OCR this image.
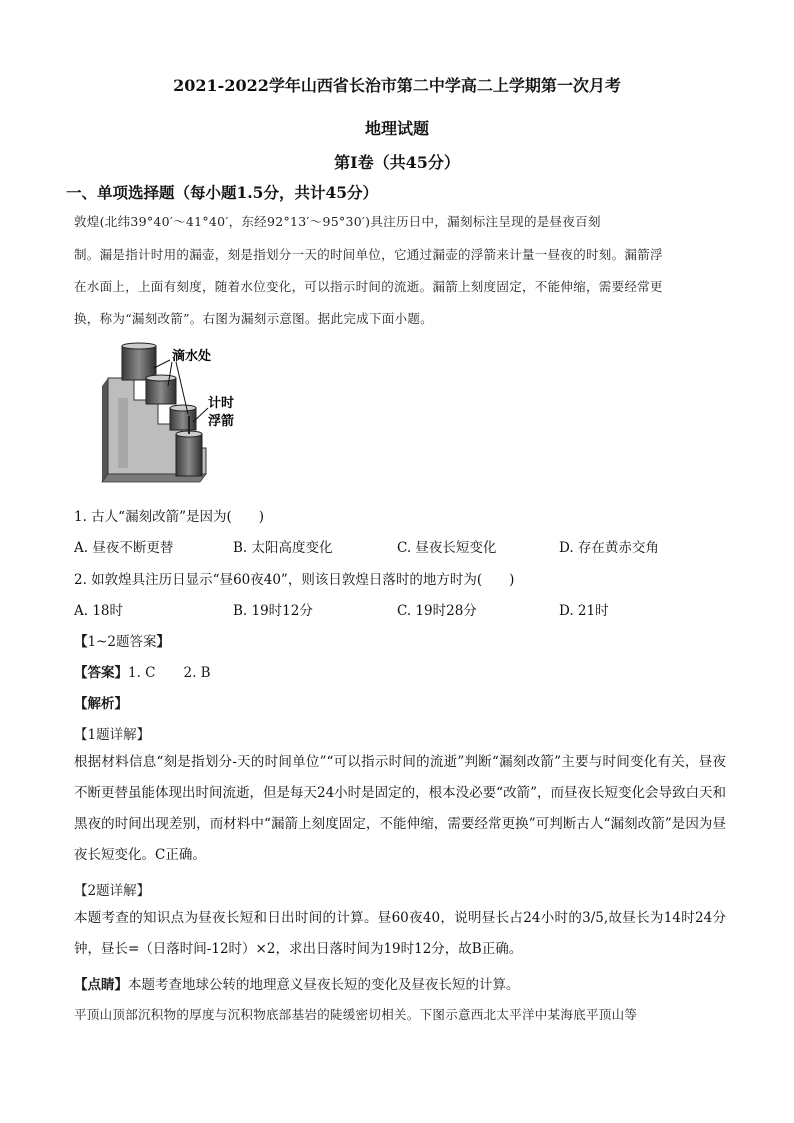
2021-2022学年山西省长治市第二中学高二上学期第一次月考
地理试题
第Ⅰ卷（共45分）
一、单项选择题（每小题1.5分，共计45分）
敦煌(北纬39°40′～41°40′，东经92°13′～95°30′)具注历日中，漏刻标注呈现的是昼夜百刻
制。漏是指计时用的漏壶，刻是指划分一天的时间单位，它通过漏壶的浮箭来计量一昼夜的时刻。漏箭浮
在水面上，上面有刻度，随着水位变化，可以指示时间的流逝。漏箭上刻度固定，不能伸缩，需要经常更
换，称为“漏刻改箭”。右图为漏刻示意图。据此完成下面小题。
滴水处
计时
浮箭
1. 古人“漏刻改箭”是因为(　　)
A. 昼夜不断更替	B. 太阳高度变化	C. 昼夜长短变化	D. 存在黄赤交角
2. 如敦煌具注历日显示“昼60夜40”，则该日敦煌日落时的地方时为(　　)
A. 18时	B. 19时12分	C. 19时28分	D. 21时
【1~2题答案】
【答案】1. C 2. B
【解析】
【1题详解】
根据材料信息“刻是指划分-天的时间单位”“可以指示时间的流逝”判断“漏刻改箭”主要与时间变化有关，昼夜不断更替虽能体现出时间流逝，但是每天24小时是固定的，根本没必要“改箭”，而昼夜长短变化会导致白天和黑夜的时间出现差别，而材料中“漏箭上刻度固定，不能伸缩，需要经常更换”可判断古人“漏刻改箭”是因为昼夜长短变化。C正确。
【2题详解】
本题考查的知识点为昼夜长短和日出时间的计算。昼60夜40，说明昼长占24小时的3/5,故昼长为14时24分钟，昼长=（日落时间-12时）×2，求出日落时间为19时12分，故B正确。
【点睛】本题考查地球公转的地理意义昼夜长短的变化及昼夜长短的计算。
平顶山顶部沉积物的厚度与沉积物底部基岩的陡缓密切相关。下图示意西北太平洋中某海底平顶山等
